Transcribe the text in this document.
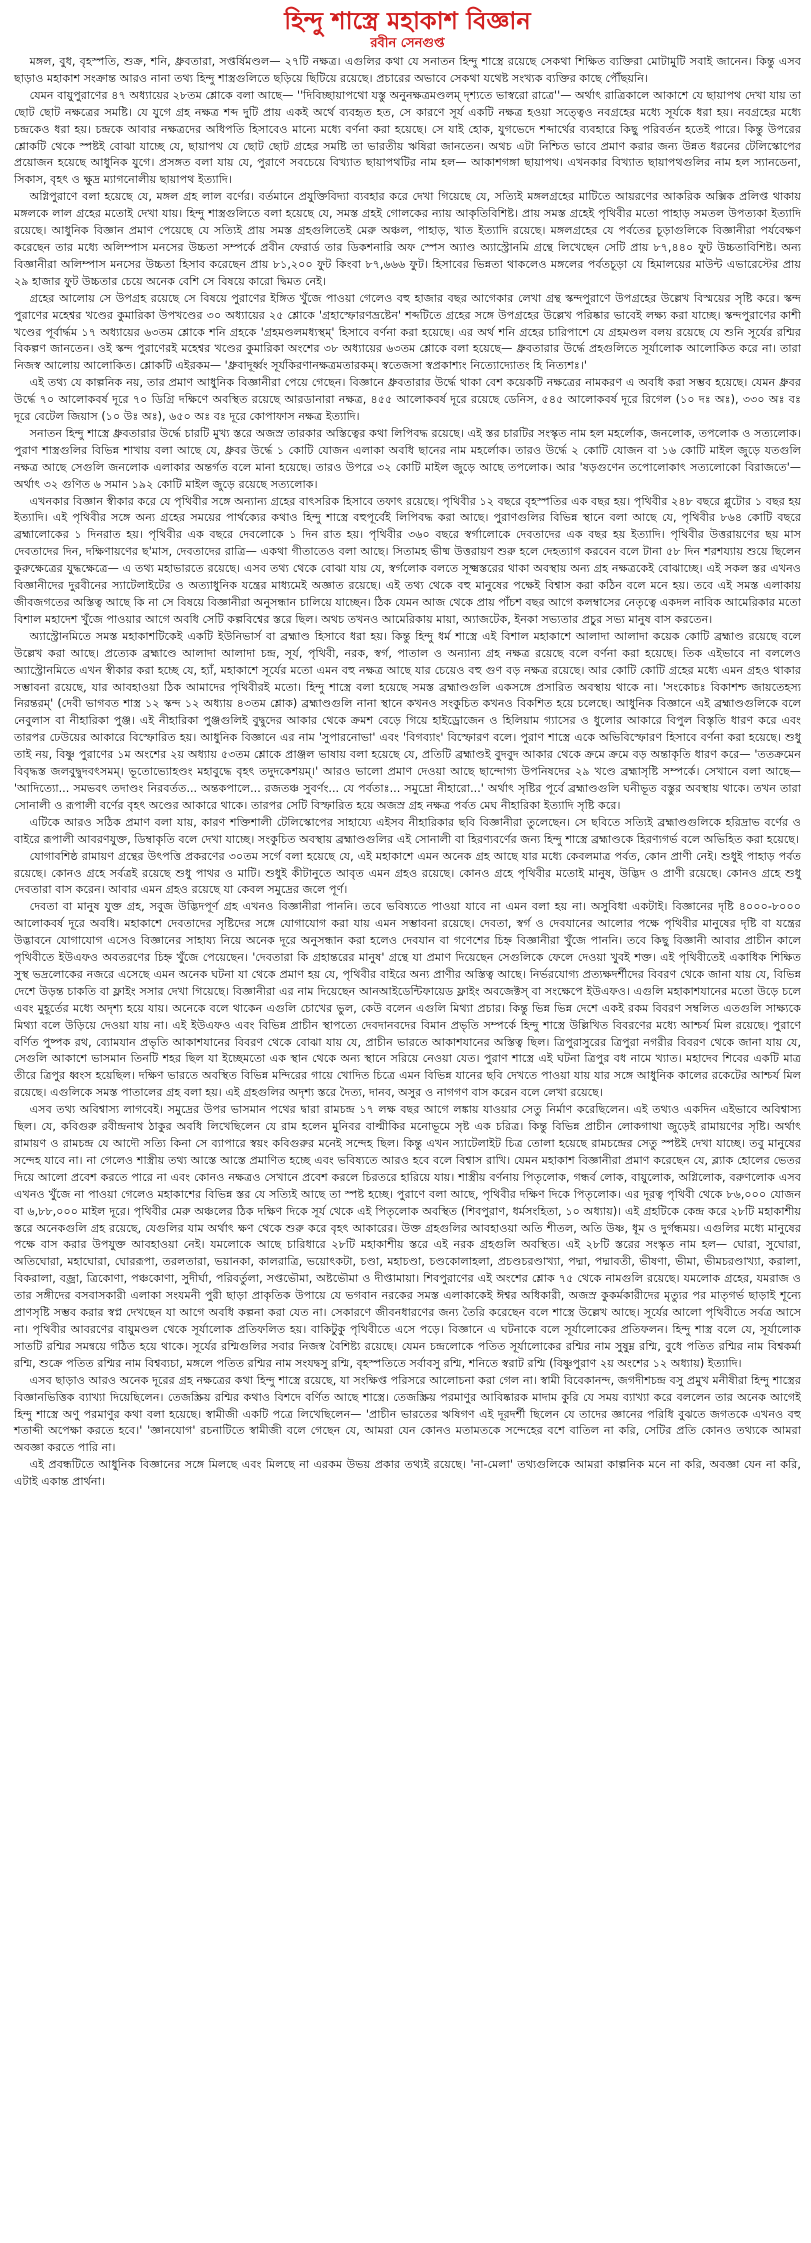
হিন্দু শাস্ত্রে মহাকাশ বিজ্ঞান
রবীন সেনগুপ্ত

মঙ্গল, বুধ, বৃহস্পতি, শুক্র, শনি, ধ্রুবতারা, সপ্তর্ষিমণ্ডল— ২৭টি নক্ষত্র। এগুলির কথা যে সনাতন হিন্দু শাস্ত্রে রয়েছে সেকথা শিক্ষিত ব্যক্তিরা মোটামুটি সবাই জানেন। কিন্তু এসব ছাড়াও মহাকাশ সংক্রান্ত আরও নানা তথ্য হিন্দু শাস্ত্রগুলিতে ছড়িয়ে ছিটিয়ে রয়েছে। প্রচারের অভাবে সেকথা যথেষ্ট সংখ্যক ব্যক্তির কাছে পৌঁছয়নি।

যেমন বায়ুপুরাণের ৪৭ অধ্যায়ের ২৮তম শ্লোকে বলা আছে— ''দিবিচ্ছায়াপথো যস্তু অনুনক্ষত্রমণ্ডলম্ দৃশ্যতে ভাস্বরো রাত্রে''— অর্থাৎ রাত্রিকালে আকাশে যে ছায়াপথ দেখা যায় তা ছোট ছোট নক্ষত্রের সমষ্টি। যে যুগে গ্রহ নক্ষত্র শব্দ দুটি প্রায় একই অর্থে ব্যবহৃত হত, সে কারণে সূর্য একটি নক্ষত্র হওয়া সত্ত্বেও নবগ্রহের মধ্যে সূর্যকে ধরা হয়। নবগ্রহের মধ্যে চন্দ্রকেও ধরা হয়। চন্দ্রকে আবার নক্ষত্রদের অধিপতি হিসাবেও মান্যে মধ্যে বর্ণনা করা হয়েছে। সে যাই হোক, যুগভেদে শব্দার্থের ব্যবহারে কিছু পরিবর্তন হতেই পারে। কিন্তু উপরের শ্লোকটি থেকে স্পষ্টই বোঝা যাচ্ছে যে, ছায়াপথ যে ছোট ছোট গ্রহের সমষ্টি তা ভারতীয় ঋষিরা জানতেন। অথচ এটা নিশ্চিত ভাবে প্রমাণ করার জন্য উন্নত ধরনের টেলিস্কোপের প্রয়োজন হয়েছে আধুনিক যুগে। প্রসঙ্গত বলা যায় যে, পুরাণে সবচেয়ে বিখ্যাত ছায়াপথটির নাম হল— আকাশগঙ্গা ছায়াপথ। এখনকার বিখ্যাত ছায়াপথগুলির নাম হল স্যানডেনা, সিকাস, বৃহৎ ও ক্ষুদ্র ম্যাগনোলীয় ছায়াপথ ইত্যাদি।

অগ্নিপুরাণে বলা হয়েছে যে, মঙ্গল গ্রহ লাল বর্ণের। বর্তমানে প্রযুক্তিবিদ্যা ব্যবহার করে দেখা গিয়েছে যে, সত্যিই মঙ্গলগ্রহের মাটিতে আয়রণের আকরিক অক্সিক প্রলিপ্ত থাকায় মঙ্গলকে লাল গ্রহের মতোই দেখা যায়। হিন্দু শাস্ত্রগুলিতে বলা হয়েছে যে, সমস্ত গ্রহই গোলকের ন্যায় আকৃতিবিশিষ্ট। প্রায় সমস্ত গ্রহেই পৃথিবীর মতো পাহাড় সমতল উপত্যকা ইত্যাদি রয়েছে। আধুনিক বিজ্ঞান প্রমাণ পেয়েছে যে সত্যিই প্রায় সমস্ত গ্রহগুলিতেই মেরু অঞ্চল, পাহাড়, খাত ইত্যাদি রয়েছে। মঙ্গলগ্রহের যে পর্বতের চূড়াগুলিকে বিজ্ঞানীরা পর্যবেক্ষণ করেছেন তার মধ্যে অলিম্পাস মনসের উচ্চতা সম্পর্কে প্রবীন ফেরার্ড তার ডিকশনারি অফ স্পেস অ্যাণ্ড অ্যাস্ট্রোনমি গ্রন্থে লিখেছেন সেটি প্রায় ৮৭,৪৪০ ফুট উচ্চতাবিশিষ্ট। অন্য বিজ্ঞানীরা অলিম্পাস মনসের উচ্চতা হিসাব করেছেন প্রায় ৮১,২০০ ফুট কিংবা ৮৭,৬৬৬ ফুট। হিসাবের ভিন্নতা থাকলেও মঙ্গলের পর্বতচূড়া যে হিমালয়ের মাউন্ট এভারেস্টের প্রায় ২৯ হাজার ফুট উচ্চতার চেয়ে অনেক বেশি সে বিষয়ে কারো দ্বিমত নেই।

গ্রহের আলোয় সে উপগ্রহ রয়েছে সে বিষয়ে পুরাণের ইঙ্গিত খুঁজে পাওয়া গেলেও বহু হাজার বছর আগেকার লেখা গ্রন্থ স্কন্দপুরাণে উপগ্রহের উল্লেখ বিস্ময়ের সৃষ্টি করে। স্কন্দ পুরাণের মহেশ্বর খণ্ডের কুমারিকা উপখণ্ডের ৩০ অধ্যায়ের ২৫ শ্লোকে 'গ্রহাস্ফোরণভ্রষ্টেন' শব্দটিতে গ্রহের সঙ্গে উপগ্রহের উল্লেখ পরিষ্কার ভাবেই লক্ষ্য করা যাচ্ছে। স্কন্দপুরাণের কাশী খণ্ডের পূর্বার্দ্ধম ১৭ অধ্যায়ের ৬৩তম শ্লোকে শনি গ্রহকে 'গ্রহমণ্ডলমধ্যস্থম্' হিসাবে বর্ণনা করা হয়েছে। এর অর্থ শনি গ্রহের চারিপাশে যে গ্রহমণ্ডল বলয় রয়েছে যে শুনি সূর্যের রশ্মির বিকল্পণ জানতেন। ওই স্কন্দ পুরাণেরই মহেশ্বর খণ্ডের কুমারিকা অংশের ৩৮ অধ্যায়ের ৬৩তম শ্লোকে বলা হয়েছে— ধ্রুবতারার উর্দ্ধে প্রহগুলিতে সূর্যালোক আলোকিত করে না। তারা নিজস্ব আলোয় আলোকিত। শ্লোকটি এইরকম— 'ধ্রুবাদূর্ধ্বং সূর্যকিরণানক্ষত্রমতারকম্। স্বতেজসা স্বপ্রকাশ্যং নিত্যোদ্যোতং হি নিত্যশঃ।'

এই তথ্য যে কাল্পনিক নয়, তার প্রমাণ আধুনিক বিজ্ঞানীরা পেয়ে গেছেন। বিজ্ঞানে ধ্রুবতারার উর্দ্ধে থাকা বেশ কয়েকটি নক্ষত্রের নামকরণ এ অবধি করা সম্ভব হয়েছে। যেমন ধ্রুবর উর্দ্ধে ৭০ আলোকবর্ষ দূরে ৭০ ডিগ্রি দক্ষিণে অবস্থিত রয়েছে আরডানারা নক্ষত্র, ৪৫৫ আলোকবর্ষ দূরে রয়েছে ডেনিস, ৫৪৫ আলোকবর্ষ দূরে রিগেল (১০ দঃ অঃ), ৩৩০ অঃ বঃ দূরে বেটেল জিয়াস (১০ উঃ অঃ), ৬৫০ অঃ বঃ দূরে কোপাফাস নক্ষত্র ইত্যাদি।

সনাতন হিন্দু শাস্ত্রে ধ্রুবতারার উর্দ্ধে চারটি মুখ্য স্তরে অজস্র তারকার অস্তিত্বের কথা লিপিবদ্ধ রয়েছে। এই স্তর চারটির সংস্কৃত নাম হল মহর্লোক, জনলোক, তপলোক ও সত্যলোক। পুরাণ শাস্ত্রগুলির বিভিন্ন শাখায় বলা আছে যে, ধ্রুবর উর্দ্ধে ১ কোটি যোজন এলাকা অবধি ছানের নাম মহর্লোক। তারও উর্দ্ধে ২ কোটি যোজন বা ১৬ কোটি মাইল জুড়ে যতগুলি নক্ষত্র আছে সেগুলি জনলোক এলাকার অন্তর্গত বলে মানা হয়েছে। তারও উপরে ৩২ কোটি মাইল জুড়ে আছে তপলোক। আর 'ষড়গুণেন তপোলোকাৎ সত্যলোকো বিরাজতে'— অর্থাৎ ৩২ গুণিত ৬ সমান ১৯২ কোটি মাইল জুড়ে রয়েছে সত্যলোক।

এখনকার বিজ্ঞান স্বীকার করে যে পৃথিবীর সঙ্গে অন্যান্য গ্রহের বাৎসরিক হিসাবে তফাৎ রয়েছে। পৃথিবীর ১২ বছরে বৃহস্পতির এক বছর হয়। পৃথিবীর ২৪৮ বছরে প্লুটোর ১ বছর হয় ইত্যাদি। এই পৃথিবীর সঙ্গে অন্য গ্রহের সময়ের পার্থক্যের কথাও হিন্দু শাস্ত্রে বহুপূর্বেই লিপিবদ্ধ করা আছে। পুরাণগুলির বিভিন্ন স্থানে বলা আছে যে, পৃথিবীর ৮৬৪ কোটি বছরে ব্রহ্মালোকের ১ দিনরাত হয়। পৃথিবীর এক বছরে দেবলোকে ১ দিন রাত হয়। পৃথিবীর ৩৬০ বছরে স্বর্গালোকে দেবতাদের এক বছর হয় ইত্যাদি। পৃথিবীর উত্তরায়ণের ছয় মাস দেবতাদের দিন, দক্ষিণায়ণের ছ'মাস, দেবতাদের রাত্রি— একথা গীতাতেও বলা আছে। সিতামহ ভীষ্ম উত্তরায়ণ শুরু হলে দেহত্যাগ করবেন বলে টানা ৫৮ দিন শরশয্যায় শুয়ে ছিলেন কুরুক্ষেত্রের যুদ্ধক্ষেত্রে— এ তথ্য মহাভারতে রয়েছে। এসব তথ্য থেকে বোঝা যায় যে, স্বর্গলোক বলতে সূক্ষ্মস্তরের থাকা অবস্থায় অন্য গ্রহ নক্ষত্রকেই বোঝাচ্ছে। এই সকল স্তর এখনও বিজ্ঞানীদের দুরবীনের স্যাটেলাইটের ও অত্যাধুনিক যন্ত্রের মাধ্যমেই অজ্ঞাত রয়েছে। এই তথ্য থেকে বহু মানুষের পক্ষেই বিশ্বাস করা কঠিন বলে মনে হয়। তবে এই সমস্ত এলাকায় জীবজগতের অস্তিত্ব আছে কি না সে বিষয়ে বিজ্ঞানীরা অনুসন্ধান চালিয়ে যাচ্ছেন। ঠিক যেমন আজ থেকে প্রায় পাঁচশ বছর আগে কলম্বাসের নেতৃত্বে একদল নাবিক আমেরিকার মতো বিশাল মহাদেশ খুঁজে পাওয়ার আগে অবধি সেটি কল্পবিশ্বের স্তরে ছিল। অথচ তখনও আমেরিকায় মায়া, অ্যাজটেক, ইনকা সভ্যতার প্রচুর সভ্য মানুষ বাস করতেন।

অ্যাস্ট্রোনমিতে সমস্ত মহাকাশটিকেই একটি ইউনিভার্স বা ব্রহ্মাণ্ড হিসাবে ধরা হয়। কিন্তু হিন্দু ধর্ম শাস্ত্রে এই বিশাল মহাকাশে আলাদা আলাদা কয়েক কোটি ব্রহ্মাণ্ড রয়েছে বলে উল্লেখ করা আছে। প্রত্যেক ব্রহ্মাণ্ডে আলাদা আলাদা চন্দ্র, সূর্য, পৃথিবী, নরক, স্বর্গ, পাতাল ও অন্যান্য গ্রহ নক্ষত্র রয়েছে বলে বর্ণনা করা হয়েছে। তিক এইভাবে না বললেও অ্যাস্ট্রোনমিতে এখন স্বীকার করা হচ্ছে যে, হ্যাঁ, মহাকাশে সূর্যের মতো এমন বহু নক্ষত্র আছে যার চেয়েও বহু গুণ বড় নক্ষত্র রয়েছে। আর কোটি কোটি গ্রহের মধ্যে এমন গ্রহও থাকার সম্ভাবনা রয়েছে, যার আবহাওয়া ঠিক আমাদের পৃথিবীরই মতো। হিন্দু শাস্ত্রে বলা হয়েছে সমস্ত ব্রহ্মাণ্ডগুলি একসঙ্গে প্রসারিত অবস্থায় থাকে না। 'সংকোচঃ বিকাশশ্চ জায়তেহস্য নিরন্তরম্' (দেবী ভাগবত শাস্ত্র ১২ স্কন্দ ১২ অধ্যায় ৪৩তম শ্লোক) ব্রহ্মাণ্ডগুলি নানা স্থানে কখনও সংকুচিত কখনও বিকশিত হয়ে চলেছে। আধুনিক বিজ্ঞানে এই ব্রহ্মাণ্ডগুলিকে বলে নেবুলাস বা নীহারিকা পুঞ্জ। এই নীহারিকা পুঞ্জগুলিই বুদ্বুদের আকার থেকে ক্রমশ বেড়ে গিয়ে হাইড্রোজেন ও হিলিয়াম গ্যাসের ও ধুলোর আকারে বিপুল বিস্তৃতি ধারণ করে এবং তারপর ঢেউয়ের আকারে বিস্ফোরিত হয়। আধুনিক বিজ্ঞানে এর নাম 'সুপারনোভা' এবং 'বিগব্যাং' বিস্ফোরণ বলে। পুরাণ শাস্ত্রে একে অভিবিস্ফোরণ হিসাবে বর্ণনা করা হয়েছে। শুধু তাই নয়, বিষ্ণু পুরাণের ১ম অংশের ২য় অধ্যায় ৫৩তম শ্লোকে প্রাঞ্জল ভাষায় বলা হয়েছে যে, প্রতিটি ব্রহ্মাণ্ডই বুদবুদ আকার থেকে ক্রমে ক্রমে বড় অন্তাকৃতি ধারণ করে— 'ততক্রমেন বিবৃদ্ধস্ত জলবুদ্বুদবৎসমম্। ভূতোভ্যোহণ্ডং মহাবুদ্ধে বৃহৎ তদুদকেশয়ম্।' আরও ভালো প্রমাণ দেওয়া আছে ছান্দোগ্য উপনিষদের ২৯ খণ্ডে ব্রহ্মাসৃষ্টি সম্পর্কে। সেখানে বলা আছে— 'আদিত্যো... সমভবৎ তদাণ্ডং নিরবর্তত... অন্তকপালে... রজতঞ্চ সুবর্ণং... যে পর্বতাঃ... সমুদ্রো নীহারো...' অর্থাৎ সৃষ্টির পূর্বে ব্রহ্মাণ্ডগুলি ঘনীভূত বস্তুর অবস্থায় থাকে। তখন তারা সোনালী ও রূপালী বর্ণের বৃহৎ অণ্ডের আকারে থাকে। তারপর সেটি বিস্ফারিত হয়ে অজস্র গ্রহ নক্ষত্র পর্বত মেঘ নীহারিকা ইত্যাদি সৃষ্টি করে।

এটিকে আরও সঠিক প্রমাণ বলা যায়, কারণ শক্তিশালী টেলিস্কোপের সাহায্যে এইসব নীহারিকার ছবি বিজ্ঞানীরা তুলেছেন। সে ছবিতে সত্যিই ব্রহ্মাণ্ডগুলিকে হরিদ্রাভ বর্ণের ও বাইরে রূপালী আবরণযুক্ত, ডিম্বাকৃতি বলে দেখা যাচ্ছে। সংকুচিত অবস্থায় ব্রহ্মাণ্ডগুলির এই সোনালী বা হিরণ্যবর্ণের জন্য হিন্দু শাস্ত্রে ব্রহ্মাণ্ডকে হিরণ্যগর্ভ বলে অভিহিত করা হয়েছে।

যোগাবশিষ্ঠ রামায়ণ গ্রন্থের উৎপত্তি প্রকরণের ৩০তম সর্গে বলা হয়েছে যে, এই মহাকাশে এমন অনেক গ্রহ আছে যার মধ্যে কেবলমাত্র পর্বত, কোন প্রাণী নেই। শুধুই পাহাড় পর্বত রয়েছে। কোনও গ্রহে সর্বত্রই রয়েছে শুধু পাথর ও মাটি। শুধুই কীটানুতে আবৃত এমন গ্রহও রয়েছে। কোনও গ্রহে পৃথিবীর মতোই মানুষ, উদ্ভিদ ও প্রাণী রয়েছে। কোনও গ্রহে শুধু দেবতারা বাস করেন। আবার এমন গ্রহও রয়েছে যা কেবল সমুদ্রের জলে পূর্ণ।

দেবতা বা মানুষ যুক্ত গ্রহ, সবুজ উদ্ভিদপূর্ণ গ্রহ এখনও বিজ্ঞানীরা পাননি। তবে ভবিষ্যতে পাওয়া যাবে না এমন বলা হয় না। অসুবিধা একটাই। বিজ্ঞানের দৃষ্টি ৪০০০-৮০০০ আলোকবর্ষ দূরে অবধি। মহাকাশে দেবতাদের সৃষ্টিদের সঙ্গে যোগাযোগ করা যায় এমন সম্ভাবনা রয়েছে। দেবতা, স্বর্গ ও দেবযানের আলোর পক্ষে পৃথিবীর মানুষের দৃষ্টি বা যন্ত্রের উদ্ভাবনে যোগাযোগ এসেও বিজ্ঞানের সাহায্য নিয়ে অনেক দূরে অনুসন্ধান করা হলেও দেবযান বা গণেশের চিহ্ন বিজ্ঞানীরা খুঁজে পাননি। তবে কিছু বিজ্ঞানী আবার প্রাচীন কালে পৃথিবীতে ইউএফও অবতরণের চিহ্ন খুঁজে পেয়েছেন। 'দেবতারা কি গ্রহান্তরের মানুষ' গ্রন্থে যা প্রমাণ দিয়েছেন সেগুলিকে ফেলে দেওয়া খুবই শক্ত। এই পৃথিবীতেই একাধিক শিক্ষিত সুস্থ ভদ্রলোকের নজরে এসেছে এমন অনেক ঘটনা যা থেকে প্রমাণ হয় যে, পৃথিবীর বাইরে অন্য প্রাণীর অস্তিত্ব আছে। নির্ভরযোগ্য প্রত্যক্ষদর্শীদের বিবরণ থেকে জানা যায় যে, বিভিন্ন দেশে উড়ন্ত চাকতি বা ফ্লাইং সসার দেখা গিয়েছে। বিজ্ঞানীরা এর নাম দিয়েছেন আনআইডেন্টিফায়েড ফ্লাইং অবজেক্টস্ বা সংক্ষেপে ইউএফও। এগুলি মহাকাশযানের মতো উড়ে চলে এবং মুহূর্তের মধ্যে অদৃশ্য হয়ে যায়। অনেকে বলে থাকেন এগুলি চোখের ভুল, কেউ বলেন এগুলি মিথ্যা প্রচার। কিন্তু ভিন্ন ভিন্ন দেশে একই রকম বিবরণ সম্বলিত এতগুলি সাক্ষ্যকে মিথ্যা বলে উড়িয়ে দেওয়া যায় না। এই ইউএফও এবং বিভিন্ন প্রাচীন স্থাপত্যে দেবদানবদের বিমান প্রভৃতি সম্পর্কে হিন্দু শাস্ত্রে উল্লিখিত বিবরণের মধ্যে আশ্চর্য মিল রয়েছে। পুরাণে বর্ণিত পুষ্পক রথ, ব্যোমযান প্রভৃতি আকাশযানের বিবরণ থেকে বোঝা যায় যে, প্রাচীন ভারতে আকাশযানের অস্তিত্ব ছিল। ত্রিপুরাসুরের ত্রিপুরা নগরীর বিবরণ থেকে জানা যায় যে, সেগুলি আকাশে ভাসমান তিনটি শহর ছিল যা ইচ্ছেমতো এক স্থান থেকে অন্য স্থানে সরিয়ে নেওয়া যেত। পুরাণ শাস্ত্রে এই ঘটনা ত্রিপুর বধ নামে খ্যাত। মহাদেব শিবের একটি মাত্র তীরে ত্রিপুর ধ্বংস হয়েছিল। দক্ষিণ ভারতে অবস্থিত বিভিন্ন মন্দিরের গায়ে খোদিত চিত্রে এমন বিভিন্ন যানের ছবি দেখতে পাওয়া যায় যার সঙ্গে আধুনিক কালের রকেটের আশ্চর্য মিল রয়েছে। এগুলিকে সমস্ত পাতালের গ্রহ বলা হয়। এই গ্রহগুলির অদৃশ্য স্তরে দৈত্য, দানব, অসুর ও নাগগণ বাস করেন বলে লেখা রয়েছে।

এসব তথ্য অবিশ্বাস্য লাগবেই। সমুদ্রের উপর ভাসমান পথের দ্বারা রামচন্দ্র ১৭ লক্ষ বছর আগে লঙ্কায় যাওয়ার সেতু নির্মাণ করেছিলেন। এই তথ্যও একদিন এইভাবে অবিশ্বাস্য ছিল। যে, কবিগুরু রবীন্দ্রনাথ ঠাকুর অবধি লিখেছিলেন যে রাম হলেন মুনিবর বাল্মীকির মনোভূমে সৃষ্ট এক চরিত্র। কিন্তু বিভিন্ন প্রাচীন লোকগাথা জুড়েই রামায়ণের সৃষ্টি। অর্থাৎ রামায়ণ ও রামচন্দ্র যে আদৌ সত্যি কিনা সে ব্যাপারে স্বয়ং কবিগুরুর মনেই সন্দেহ ছিল। কিন্তু এখন স্যাটেলাইট চিত্র তোলা হয়েছে রামচন্দ্রের সেতু স্পষ্টই দেখা যাচ্ছে। তবু মানুষের সন্দেহ যাবে না। না গেলেও শাস্ত্রীয় তথ্য আস্তে আস্তে প্রমাণিত হচ্ছে এবং ভবিষ্যতে আরও হবে বলে বিশ্বাস রাখি। যেমন মহাকাশ বিজ্ঞানীরা প্রমাণ করেছেন যে, ব্ল্যাক হোলের ভেতর দিয়ে আলো প্রবেশ করতে পারে না এবং কোনও নক্ষত্রও সেখানে প্রবেশ করলে চিরতরে হারিয়ে যায়। শাস্ত্রীয় বর্ণনায় পিতৃলোক, গন্ধর্ব লোক, বায়ুলোক, অগ্নিলোক, বরুণলোক এসব এখনও খুঁজে না পাওয়া গেলেও মহাকাশের বিভিন্ন স্তর যে সত্যিই আছে তা স্পষ্ট হচ্ছে। পুরাণে বলা আছে, পৃথিবীর দক্ষিণ দিকে পিতৃলোক। এর দূরত্ব পৃথিবী থেকে ৮৬,০০০ যোজন বা ৬,৮৮,০০০ মাইল দূরে। পৃথিবীর মেরু অঞ্চলের ঠিক দক্ষিণ দিকে সূর্য থেকে এই পিতৃলোক অবস্থিত (শিবপুরাণ, ধর্মসংহিতা, ১০ অধ্যায়)। এই গ্রহটিকে কেন্দ্র করে ২৮টি মহাকাশীয় স্তরে অনেকগুলি গ্রহ রয়েছে, যেগুলির যাম অর্থাৎ ক্ষণ থেকে শুরু করে বৃহৎ আকারের। উক্ত গ্রহগুলির আবহাওয়া অতি শীতল, অতি উষ্ণ, ধূম ও দুর্গন্ধময়। এগুলির মধ্যে মানুষের পক্ষে বাস করার উপযুক্ত আবহাওয়া নেই। যমলোকে আছে চারিধারে ২৮টি মহাকাশীয় স্তরে এই নরক গ্রহগুলি অবস্থিত। এই ২৮টি স্তরের সংস্কৃত নাম হল— ঘোরা, সুঘোরা, অতিঘোরা, মহাঘোরা, ঘোররূপা, তরলতারা, ভয়ানকা, কালরাত্রি, ভয়োৎকটা, চণ্ডা, মহাচণ্ডা, চণ্ডকোলাহলা, প্রচণ্ডচরণ্ডাখ্যা, পদ্মা, পদ্মাবতী, ভীষণা, ভীমা, ভীমচরণ্ডাখ্যা, করালা, বিকরালা, বজ্রা, ত্রিকোণা, পঞ্চকোণা, সুদীর্ঘা, পরিবর্তুলা, সপ্তভৌমা, অষ্টভৌমা ও দীপ্তামায়া। শিবপুরাণের এই অংশের শ্লোক ৭৫ থেকে নামগুলি রয়েছে। যমলোক গ্রহের, যমরাজ ও তার সঙ্গীদের বসবাসকারী এলাকা সংযমনী পুরী ছাড়া প্রাকৃতিক উপায়ে যে ভগবান নরকের সমস্ত এলাকাকেই ঈশ্বর অধিকারী, অজস্র কুকর্মকারীদের মৃত্যুর পর মাতৃগর্ভ ছাড়াই শূন্যে প্রাণসৃষ্টি সম্ভব করার স্বপ্ন দেখছেন যা আগে অবধি কল্পনা করা যেত না। সেকারণে জীবনধারণের জন্য তৈরি করেছেন বলে শাস্ত্রে উল্লেখ আছে। সূর্যের আলো পৃথিবীতে সর্বত্র আসে না। পৃথিবীর আবরণের বায়ুমণ্ডল থেকে সূর্যালোক প্রতিফলিত হয়। বাকিটুকু পৃথিবীতে এসে পড়ে। বিজ্ঞানে এ ঘটনাকে বলে সূর্যালোকের প্রতিফলন। হিন্দু শাস্ত্র বলে যে, সূর্যালোক সাতটি রশ্মির সমন্বয়ে গঠিত হয়ে থাকে। সূর্যের রশ্মিগুলির সবার নিজস্ব বৈশিষ্ট্য রয়েছে। যেমন চন্দ্রলোকে পতিত সূর্যালোকের রশ্মির নাম সুষুম্ন রশ্মি, বুধে পতিত রশ্মির নাম বিশ্বকর্মা রশ্মি, শুক্রে পতিত রশ্মির নাম বিশ্বব্যচা, মঙ্গলে পতিত রশ্মির নাম সংযদ্বসু রশ্মি, বৃহস্পতিতে সর্বাবসু রশ্মি, শনিতে স্বরাট রশ্মি (বিষ্ণুপুরাণ ২য় অংশের ১২ অধ্যায়) ইত্যাদি।

এসব ছাড়াও আরও অনেক দূরের গ্রহ নক্ষত্রের কথা হিন্দু শাস্ত্রে রয়েছে, যা সংক্ষিপ্ত পরিসরে আলোচনা করা গেল না। স্বামী বিবেকানন্দ, জগদীশচন্দ্র বসু প্রমুখ মনীষীরা হিন্দু শাস্ত্রের বিজ্ঞানভিত্তিক ব্যাখ্যা দিয়েছিলেন। তেজস্ক্রিয় রশ্মির কথাও বিশদে বর্ণিত আছে শাস্ত্রে। তেজস্ক্রিয় পরমাণুর আবিষ্কারক মাদাম কুরি যে সময় ব্যাখ্যা করে বললেন তার অনেক আগেই হিন্দু শাস্ত্রে অণু পরমাণুর কথা বলা হয়েছে। স্বামীজী একটি পত্রে লিখেছিলেন— 'প্রাচীন ভারতের ঋষিগণ এই দূরদর্শী ছিলেন যে তাদের জ্ঞানের পরিধি বুঝতে জগতকে এখনও বহু শতাব্দী অপেক্ষা করতে হবে।' 'জ্ঞানযোগ' রচনাটিতে স্বামীজী বলে গেছেন যে, আমরা যেন কোনও মতামতকে সন্দেহের বশে বাতিল না করি, সেটির প্রতি কোনও তথ্যকে আমরা অবজ্ঞা করতে পারি না।

এই প্রবন্ধটিতে আধুনিক বিজ্ঞানের সঙ্গে মিলছে এবং মিলছে না এরকম উভয় প্রকার তথ্যই রয়েছে। 'না-মেলা' তথ্যগুলিকে আমরা কাল্পনিক মনে না করি, অবজ্ঞা যেন না করি, এটাই একান্ত প্রার্থনা।
